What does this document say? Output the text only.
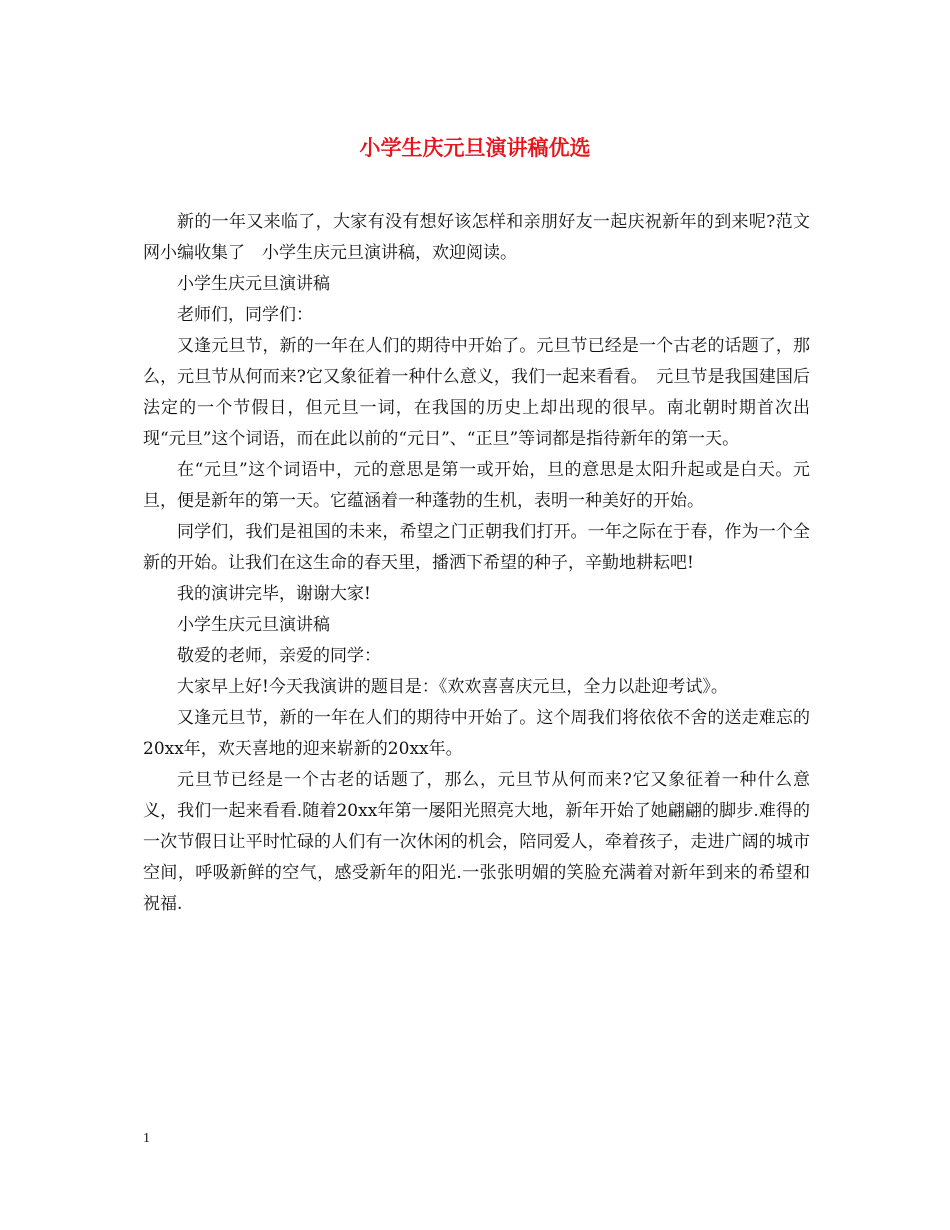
小学生庆元旦演讲稿优选

新的一年又来临了，大家有没有想好该怎样和亲朋好友一起庆祝新年的到来呢?范文网小编收集了　小学生庆元旦演讲稿，欢迎阅读。

小学生庆元旦演讲稿

老师们，同学们：

又逢元旦节，新的一年在人们的期待中开始了。元旦节已经是一个古老的话题了，那么，元旦节从何而来?它又象征着一种什么意义，我们一起来看看。　元旦节是我国建国后法定的一个节假日，但元旦一词，在我国的历史上却出现的很早。南北朝时期首次出现“元旦”这个词语，而在此以前的“元日”、“正旦”等词都是指待新年的第一天。

在“元旦”这个词语中，元的意思是第一或开始，旦的意思是太阳升起或是白天。元旦，便是新年的第一天。它蕴涵着一种蓬勃的生机，表明一种美好的开始。

同学们，我们是祖国的未来，希望之门正朝我们打开。一年之际在于春，作为一个全新的开始。让我们在这生命的春天里，播洒下希望的种子，辛勤地耕耘吧!

我的演讲完毕，谢谢大家!

小学生庆元旦演讲稿

敬爱的老师，亲爱的同学：

大家早上好!今天我演讲的题目是：《欢欢喜喜庆元旦，全力以赴迎考试》。

又逢元旦节，新的一年在人们的期待中开始了。这个周我们将依依不舍的送走难忘的20xx年，欢天喜地的迎来崭新的20xx年。

元旦节已经是一个古老的话题了，那么，元旦节从何而来?它又象征着一种什么意义，我们一起来看看.随着20xx年第一屡阳光照亮大地，新年开始了她翩翩的脚步.难得的一次节假日让平时忙碌的人们有一次休闲的机会，陪同爱人，牵着孩子，走进广阔的城市空间，呼吸新鲜的空气，感受新年的阳光.一张张明媚的笑脸充满着对新年到来的希望和祝福.

1
